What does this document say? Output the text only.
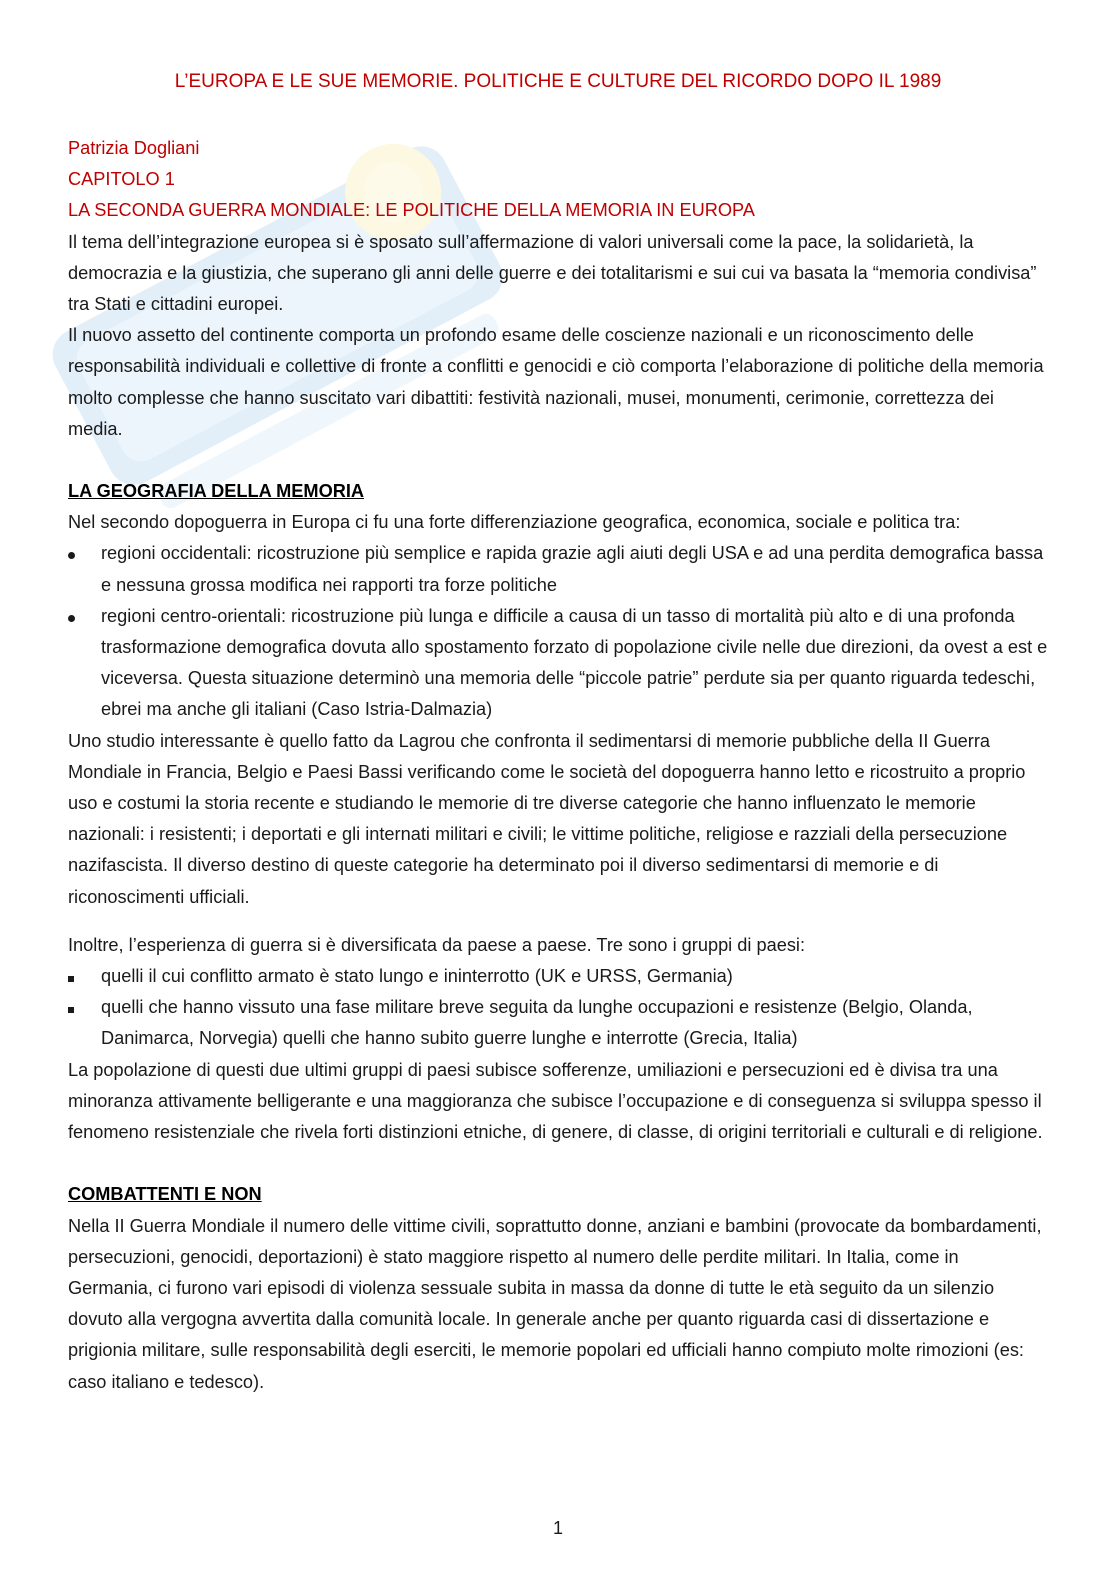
L’EUROPA E LE SUE MEMORIE. POLITICHE E CULTURE DEL RICORDO DOPO IL 1989

Patrizia Dogliani

CAPITOLO 1

LA SECONDA GUERRA MONDIALE: LE POLITICHE DELLA MEMORIA IN EUROPA

Il tema dell’integrazione europea si è sposato sull’affermazione di valori universali come la pace, la solidarietà, la democrazia e la giustizia, che superano gli anni delle guerre e dei totalitarismi e sui cui va basata la “memoria condivisa” tra Stati e cittadini europei.

Il nuovo assetto del continente comporta un profondo esame delle coscienze nazionali e un riconoscimento delle responsabilità individuali e collettive di fronte a conflitti e genocidi e ciò comporta l’elaborazione di politiche della memoria molto complesse che hanno suscitato vari dibattiti: festività nazionali, musei, monumenti, cerimonie, correttezza dei media.

LA GEOGRAFIA DELLA MEMORIA

Nel secondo dopoguerra in Europa ci fu una forte differenziazione geografica, economica, sociale e politica tra:

regioni occidentali: ricostruzione più semplice e rapida grazie agli aiuti degli USA e ad una perdita demografica bassa e nessuna grossa modifica nei rapporti tra forze politiche
regioni centro-orientali: ricostruzione più lunga e difficile a causa di un tasso di mortalità più alto e di una profonda trasformazione demografica dovuta allo spostamento forzato di popolazione civile nelle due direzioni, da ovest a est e viceversa. Questa situazione determinò una memoria delle “piccole patrie” perdute sia per quanto riguarda tedeschi, ebrei ma anche gli italiani (Caso Istria-Dalmazia)

Uno studio interessante è quello fatto da Lagrou che confronta il sedimentarsi di memorie pubbliche della II Guerra Mondiale in Francia, Belgio e Paesi Bassi verificando come le società del dopoguerra hanno letto e ricostruito a proprio uso e costumi la storia recente e studiando le memorie di tre diverse categorie che hanno influenzato le memorie nazionali: i resistenti; i deportati e gli internati militari e civili; le vittime politiche, religiose e razziali della persecuzione nazifascista. Il diverso destino di queste categorie ha determinato poi il diverso sedimentarsi di memorie e di riconoscimenti ufficiali.

Inoltre, l’esperienza di guerra si è diversificata da paese a paese. Tre sono i gruppi di paesi:

quelli il cui conflitto armato è stato lungo e ininterrotto (UK e URSS, Germania)
quelli che hanno vissuto una fase militare breve seguita da lunghe occupazioni e resistenze (Belgio, Olanda, Danimarca, Norvegia) quelli che hanno subito guerre lunghe e interrotte (Grecia, Italia)

La popolazione di questi due ultimi gruppi di paesi subisce sofferenze, umiliazioni e persecuzioni ed è divisa tra una minoranza attivamente belligerante e una maggioranza che subisce l’occupazione e di conseguenza si sviluppa spesso il fenomeno resistenziale che rivela forti distinzioni etniche, di genere, di classe, di origini territoriali e culturali e di religione.

COMBATTENTI E NON

Nella II Guerra Mondiale il numero delle vittime civili, soprattutto donne, anziani e bambini (provocate da bombardamenti, persecuzioni, genocidi, deportazioni) è stato maggiore rispetto al numero delle perdite militari. In Italia, come in Germania, ci furono vari episodi di violenza sessuale subita in massa da donne di tutte le età seguito da un silenzio dovuto alla vergogna avvertita dalla comunità locale. In generale anche per quanto riguarda casi di dissertazione e prigionia militare, sulle responsabilità degli eserciti, le memorie popolari ed ufficiali hanno compiuto molte rimozioni (es: caso italiano e tedesco).

1
